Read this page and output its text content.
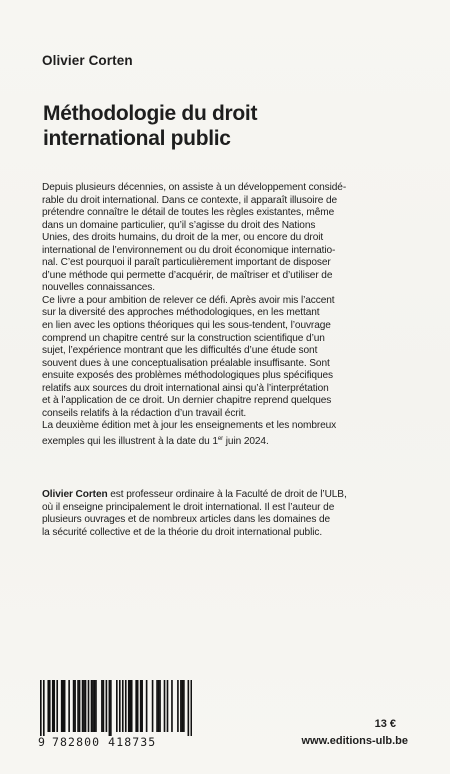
Olivier Corten
Méthodologie du droit
international public
Depuis plusieurs décennies, on assiste à un développement considé-
rable du droit international. Dans ce contexte, il apparaît illusoire de
prétendre connaître le détail de toutes les règles existantes, même
dans un domaine particulier, qu’il s’agisse du droit des Nations
Unies, des droits humains, du droit de la mer, ou encore du droit
international de l’environnement ou du droit économique internatio-
nal. C’est pourquoi il paraît particulièrement important de disposer
d’une méthode qui permette d’acquérir, de maîtriser et d’utiliser de
nouvelles connaissances.
Ce livre a pour ambition de relever ce défi. Après avoir mis l’accent
sur la diversité des approches méthodologiques, en les mettant
en lien avec les options théoriques qui les sous-tendent, l’ouvrage
comprend un chapitre centré sur la construction scientifique d’un
sujet, l’expérience montrant que les difficultés d’une étude sont
souvent dues à une conceptualisation préalable insuffisante. Sont
ensuite exposés des problèmes méthodologiques plus spécifiques
relatifs aux sources du droit international ainsi qu’à l’interprétation
et à l’application de ce droit. Un dernier chapitre reprend quelques
conseils relatifs à la rédaction d’un travail écrit.
La deuxième édition met à jour les enseignements et les nombreux
exemples qui les illustrent à la date du 1er juin 2024.
Olivier Corten est professeur ordinaire à la Faculté de droit de l’ULB,
où il enseigne principalement le droit international. Il est l’auteur de
plusieurs ouvrages et de nombreux articles dans les domaines de
la sécurité collective et de la théorie du droit international public.
9 782800 418735
13 €
www.editions-ulb.be
